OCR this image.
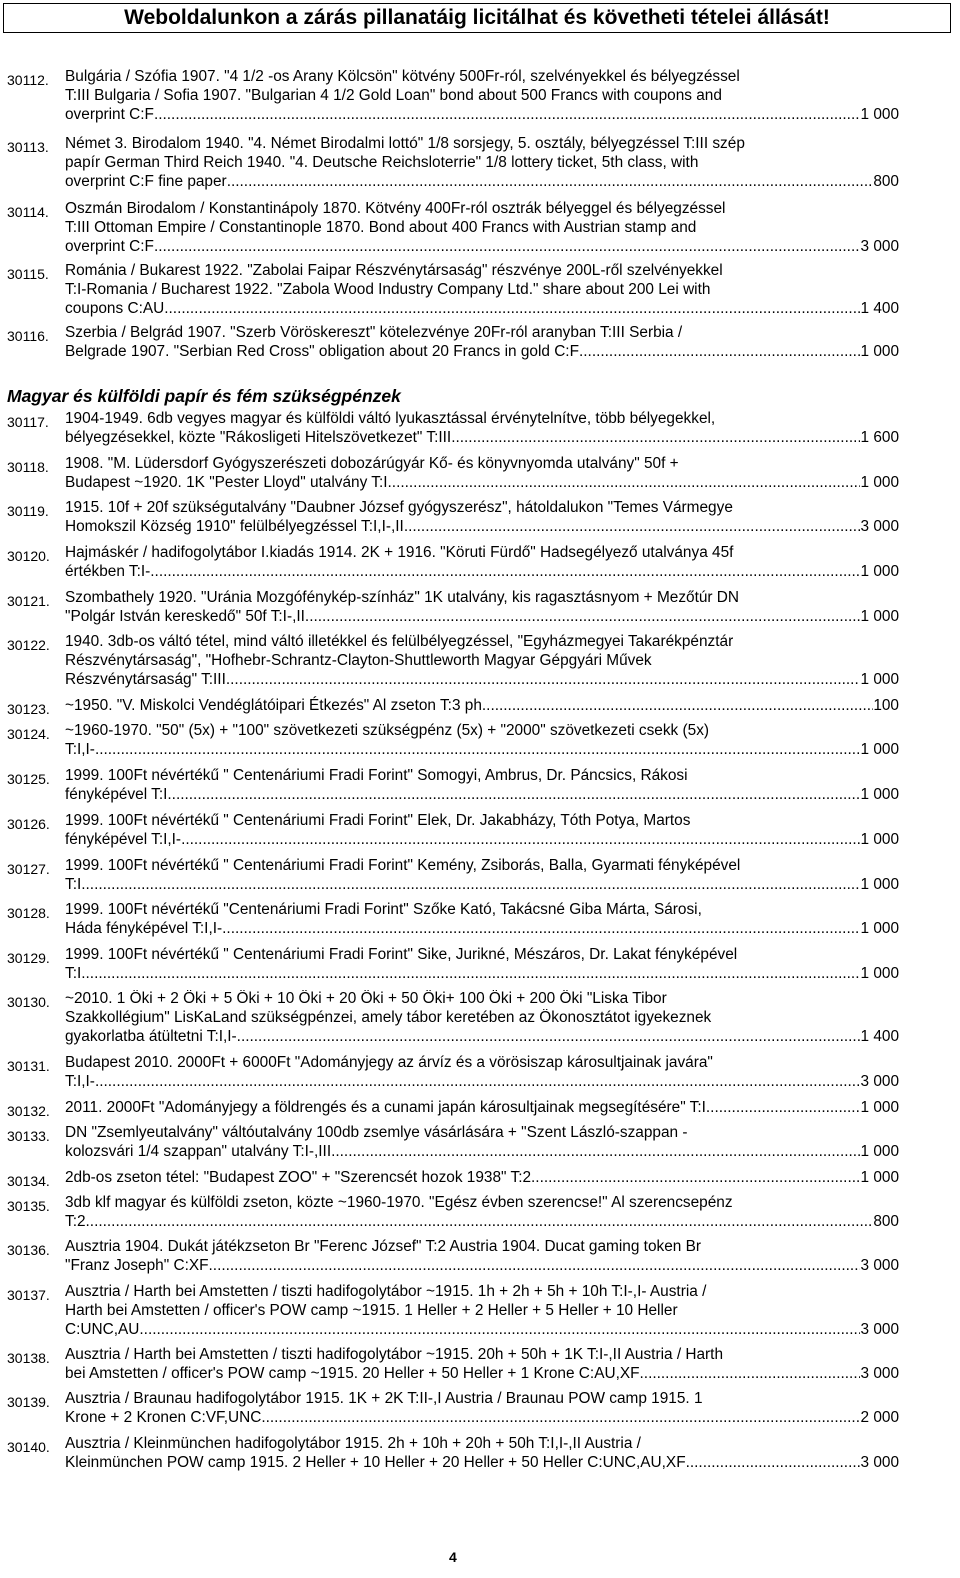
Weboldalunkon a zárás pillanatáig licitálhat és követheti tételei állását!
30112.	Bulgária / Szófia 1907. "4 1/2 -os Arany Kölcsön" kötvény 500Fr-ról, szelvényekkel és bélyegzéssel
T:III Bulgaria / Sofia 1907. "Bulgarian 4 1/2 Gold Loan" bond about 500 Francs with coupons and
overprint C:F .....	1 000
30113.	Német 3. Birodalom 1940. "4. Német Birodalmi lottó" 1/8 sorsjegy, 5. osztály, bélyegzéssel T:III szép
papír German Third Reich 1940. "4. Deutsche Reichsloterrie" 1/8 lottery ticket, 5th class, with
overprint C:F fine paper .....	800
30114.	Oszmán Birodalom / Konstantinápoly 1870. Kötvény 400Fr-ról osztrák bélyeggel és bélyegzéssel
T:III Ottoman Empire / Constantinople 1870. Bond about 400 Francs with Austrian stamp and
overprint C:F .....	3 000
30115.	Románia / Bukarest 1922. "Zabolai Faipar Részvénytársaság" részvénye 200L-ről szelvényekkel
T:I-Romania / Bucharest 1922. "Zabola Wood Industry Company Ltd." share about 200 Lei with
coupons C:AU .....	1 400
30116.	Szerbia / Belgrád 1907. "Szerb Vöröskereszt" kötelezvénye 20Fr-ról aranyban T:III Serbia /
Belgrade 1907. "Serbian Red Cross" obligation about 20 Francs in gold C:F .....	1 000
30117.	1904-1949. 6db vegyes magyar és külföldi váltó lyukasztással érvénytelnítve, több bélyegekkel,
bélyegzésekkel, közte "Rákosligeti Hitelszövetkezet" T:III .....	1 600
30118.	1908. "M. Lüdersdorf Gyógyszerészeti dobozárúgyár Kő- és könyvnyomda utalvány" 50f +
Budapest ~1920. 1K "Pester Lloyd" utalvány T:I .....	1 000
30119.	1915. 10f + 20f szükségutalvány "Daubner József gyógyszerész", hátoldalukon "Temes Vármegye
Homokszil Község 1910" felülbélyegzéssel T:I,I-,II .....	3 000
30120. Hajmáskér / hadifogolytábor I.kiadás 1914. 2K + 1916. "Köruti Fürdő" Hadsegélyező utalványa 45f
értékben T:I- .....	1 000
30121. Szombathely 1920. "Uránia Mozgófénykép-színház" 1K utalvány, kis ragasztásnyom + Mezőtúr DN
"Polgár István kereskedő" 50f T:I-,II .....	1 000
30122. 1940. 3db-os váltó tétel, mind váltó illetékkel és felülbélyegzéssel, "Egyházmegyei Takarékpénztár
Részvénytársaság", "Hofhebr-Schrantz-Clayton-Shuttleworth Magyar Gépgyári Művek
Részvénytársaság" T:III .....	1 000
30123. ~1950. "V. Miskolci Vendéglátóipari Étkezés" Al zseton T:3 ph .....	100
30124. ~1960-1970. "50" (5x) + "100" szövetkezeti szükségpénz (5x) + "2000" szövetkezeti csekk (5x)
T:I,I- .....	1 000
30125. 1999. 100Ft névértékű " Centenáriumi Fradi Forint" Somogyi, Ambrus, Dr. Páncsics, Rákosi
fényképével T:I .....	1 000
30126. 1999. 100Ft névértékű " Centenáriumi Fradi Forint" Elek, Dr. Jakabházy, Tóth Potya, Martos
fényképével T:I,I- .....	1 000
30127. 1999. 100Ft névértékű " Centenáriumi Fradi Forint" Kemény, Zsiborás, Balla, Gyarmati fényképével
T:I .....	1 000
30128. 1999. 100Ft névértékű "Centenáriumi Fradi Forint" Szőke Kató, Takácsné Giba Márta, Sárosi,
Háda fényképével T:I,I- .....	1 000
30129. 1999. 100Ft névértékű " Centenáriumi Fradi Forint" Sike, Jurikné, Mészáros, Dr. Lakat fényképével
T:I .....	1 000
30130. ~2010. 1 Öki + 2 Öki + 5 Öki + 10 Öki + 20 Öki + 50 Öki+ 100 Öki + 200 Öki "Liska Tibor
Szakkollégium" LisKaLand szükségpénzei, amely tábor keretében az Ökonosztátot igyekeznek
gyakorlatba átültetni T:I,I- .....	1 400
30131. Budapest 2010. 2000Ft + 6000Ft "Adományjegy az árvíz és a vörösiszap károsultjainak javára"
T:I,I- .....	3 000
30132. 2011. 2000Ft "Adományjegy a földrengés és a cunami japán károsultjainak megsegítésére" T:I .....	1 000
30133. DN "Zsemlyeutalvány" váltóutalvány 100db zsemlye vásárlására + "Szent László-szappan -
kolozsvári 1/4 szappan" utalvány T:I-,III .....	1 000
30134. 2db-os zseton tétel: "Budapest ZOO" + "Szerencsét hozok 1938" T:2 .....	1 000
30135. 3db klf magyar és külföldi zseton, közte ~1960-1970. "Egész évben szerencse!" Al szerencsepénz
T:2 .....	800
30136. Ausztria 1904. Dukát játékzseton Br "Ferenc József" T:2 Austria 1904. Ducat gaming token Br
"Franz Joseph" C:XF .....	3 000
30137. Ausztria / Harth bei Amstetten / tiszti hadifogolytábor ~1915. 1h + 2h + 5h + 10h T:I-,I- Austria /
Harth bei Amstetten / officer's POW camp ~1915. 1 Heller + 2 Heller + 5 Heller + 10 Heller
C:UNC,AU .....	3 000
30138. Ausztria / Harth bei Amstetten / tiszti hadifogolytábor ~1915. 20h + 50h + 1K T:I-,II Austria / Harth
bei Amstetten / officer's POW camp ~1915. 20 Heller + 50 Heller + 1 Krone C:AU,XF .....	3 000
30139. Ausztria / Braunau hadifogolytábor 1915. 1K + 2K T:II-,I Austria / Braunau POW camp 1915. 1
Krone + 2 Kronen C:VF,UNC .....	2 000
30140. Ausztria / Kleinmünchen hadifogolytábor 1915. 2h + 10h + 20h + 50h T:I,I-,II Austria /
Kleinmünchen POW camp 1915. 2 Heller + 10 Heller + 20 Heller + 50 Heller C:UNC,AU,XF .....	3 000
Magyar és külföldi papír és fém szükségpénzek
4
